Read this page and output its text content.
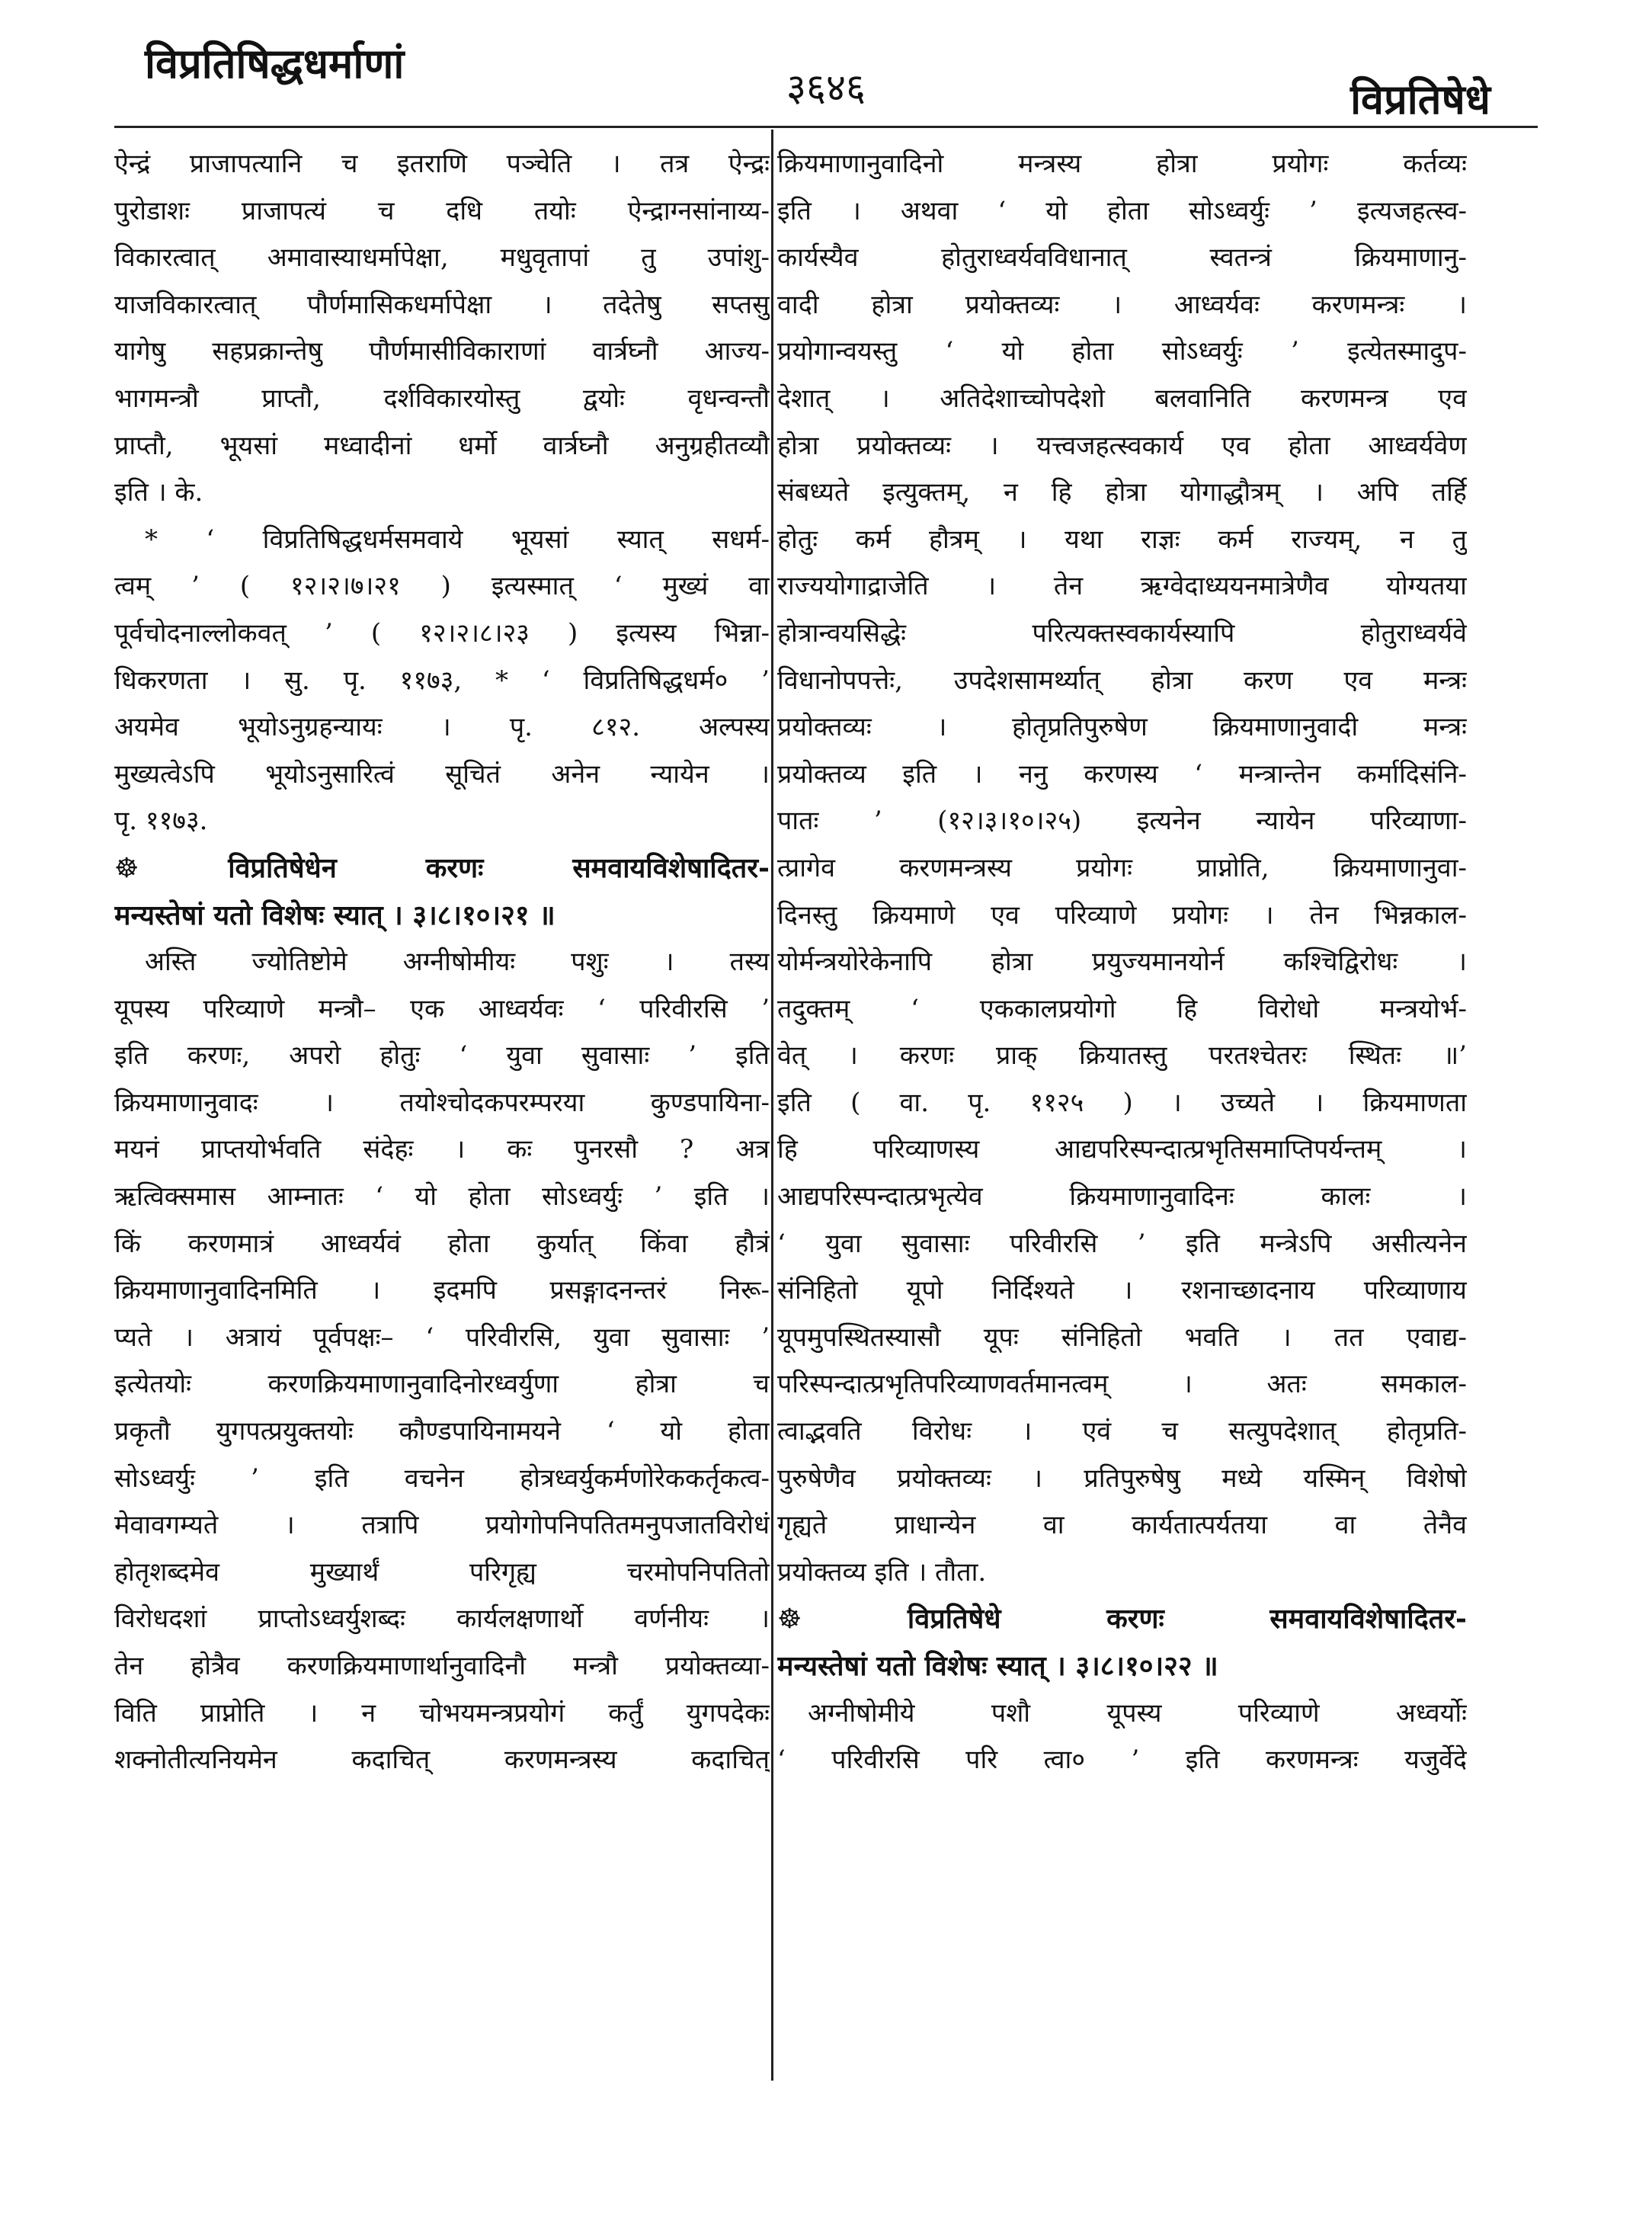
विप्रतिषिद्धधर्माणां	३६४६	विप्रतिषेधे
ऐन्द्रं प्राजापत्यानि च इतराणि पञ्चेति । तत्र ऐन्द्रः
पुरोडाशः प्राजापत्यं च दधि तयोः ऐन्द्राग्नसांनाय्य-
विकारत्वात् अमावास्याधर्मापेक्षा, मधुवृतापां तु उपांशु-
याजविकारत्वात् पौर्णमासिकधर्मापेक्षा । तदेतेषु सप्तसु
यागेषु सहप्रक्रान्तेषु पौर्णमासीविकाराणां वार्त्रघ्नौ आज्य-
भागमन्त्रौ प्राप्तौ, दर्शविकारयोस्तु द्वयोः वृधन्वन्तौ
प्राप्तौ, भूयसां मध्वादीनां धर्मो वार्त्रघ्नौ अनुग्रहीतव्यौ
इति । के.
* ‘ विप्रतिषिद्धधर्मसमवाये भूयसां स्यात् सधर्म-
त्वम् ’ ( १२।२।७।२१ ) इत्यस्मात् ‘ मुख्यं वा
पूर्वचोदनाल्लोकवत् ’ ( १२।२।८।२३ ) इत्यस्य भिन्ना-
धिकरणता । सु. पृ. ११७३, * ‘ विप्रतिषिद्धधर्म० ’
अयमेव भूयोऽनुग्रहन्यायः । पृ. ८१२. अल्पस्य
मुख्यत्वेऽपि भूयोऽनुसारित्वं सूचितं अनेन न्यायेन ।
पृ. ११७३.
☸ विप्रतिषेधेन करणः समवायविशेषादितर-
मन्यस्तेषां यतो विशेषः स्यात् । ३।८।१०।२१ ॥
अस्ति ज्योतिष्टोमे अग्नीषोमीयः पशुः । तस्य
यूपस्य परिव्याणे मन्त्रौ– एक आध्वर्यवः ‘ परिवीरसि ’
इति करणः, अपरो होतुः ‘ युवा सुवासाः ’ इति
क्रियमाणानुवादः । तयोश्चोदकपरम्परया कुण्डपायिना-
मयनं प्राप्तयोर्भवति संदेहः । कः पुनरसौ ? अत्र
ऋत्विक्समास आम्नातः ‘ यो होता सोऽध्वर्युः ’ इति ।
किं करणमात्रं आध्वर्यवं होता कुर्यात् किंवा हौत्रं
क्रियमाणानुवादिनमिति । इदमपि प्रसङ्गादनन्तरं निरू-
प्यते । अत्रायं पूर्वपक्षः– ‘ परिवीरसि, युवा सुवासाः ’
इत्येतयोः करणक्रियमाणानुवादिनोरध्वर्युणा होत्रा च
प्रकृतौ युगपत्प्रयुक्तयोः कौण्डपायिनामयने ‘ यो होता
सोऽध्वर्युः ’ इति वचनेन होत्रध्वर्युकर्मणोरेककर्तृकत्व-
मेवावगम्यते । तत्रापि प्रयोगोपनिपतितमनुपजातविरोधं
होतृशब्दमेव मुख्यार्थं परिगृह्य चरमोपनिपतितो
विरोधदशां प्राप्तोऽध्वर्युशब्दः कार्यलक्षणार्थो वर्णनीयः ।
तेन होत्रैव करणक्रियमाणार्थानुवादिनौ मन्त्रौ प्रयोक्तव्या-
विति प्राप्नोति । न चोभयमन्त्रप्रयोगं कर्तुं युगपदेकः
शक्नोतीत्यनियमेन कदाचित् करणमन्त्रस्य कदाचित्
क्रियमाणानुवादिनो मन्त्रस्य होत्रा प्रयोगः कर्तव्यः
इति । अथवा ‘ यो होता सोऽध्वर्युः ’ इत्यजहत्स्व-
कार्यस्यैव होतुराध्वर्यवविधानात् स्वतन्त्रं क्रियमाणानु-
वादी होत्रा प्रयोक्तव्यः । आध्वर्यवः करणमन्त्रः ।
प्रयोगान्वयस्तु ‘ यो होता सोऽध्वर्युः ’ इत्येतस्मादुप-
देशात् । अतिदेशाच्चोपदेशो बलवानिति करणमन्त्र एव
होत्रा प्रयोक्तव्यः । यत्त्वजहत्स्वकार्य एव होता आध्वर्यवेण
संबध्यते इत्युक्तम्, न हि होत्रा योगाद्धौत्रम् । अपि तर्हि
होतुः कर्म हौत्रम् । यथा राज्ञः कर्म राज्यम्, न तु
राज्ययोगाद्राजेति । तेन ऋग्वेदाध्ययनमात्रेणैव योग्यतया
होत्रान्वयसिद्धेः परित्यक्तस्वकार्यस्यापि होतुराध्वर्यवे
विधानोपपत्तेः, उपदेशसामर्थ्यात् होत्रा करण एव मन्त्रः
प्रयोक्तव्यः । होतृप्रतिपुरुषेण क्रियमाणानुवादी मन्त्रः
प्रयोक्तव्य इति । ननु करणस्य ‘ मन्त्रान्तेन कर्मादिसंनि-
पातः ’ (१२।३।१०।२५) इत्यनेन न्यायेन परिव्याणा-
त्प्रागेव करणमन्त्रस्य प्रयोगः प्राप्नोति, क्रियमाणानुवा-
दिनस्तु क्रियमाणे एव परिव्याणे प्रयोगः । तेन भिन्नकाल-
योर्मन्त्रयोरेकेनापि होत्रा प्रयुज्यमानयोर्न कश्चिद्विरोधः ।
तदुक्तम् ‘ एककालप्रयोगो हि विरोधो मन्त्रयोर्भ-
वेत् । करणः प्राक् क्रियातस्तु परतश्चेतरः स्थितः ॥’
इति ( वा. पृ. ११२५ ) । उच्यते । क्रियमाणता
हि परिव्याणस्य आद्यपरिस्पन्दात्प्रभृतिसमाप्तिपर्यन्तम् ।
आद्यपरिस्पन्दात्प्रभृत्येव क्रियमाणानुवादिनः कालः ।
‘ युवा सुवासाः परिवीरसि ’ इति मन्त्रेऽपि असीत्यनेन
संनिहितो यूपो निर्दिश्यते । रशनाच्छादनाय परिव्याणाय
यूपमुपस्थितस्यासौ यूपः संनिहितो भवति । तत एवाद्य-
परिस्पन्दात्प्रभृतिपरिव्याणवर्तमानत्वम् । अतः समकाल-
त्वाद्भवति विरोधः । एवं च सत्युपदेशात् होतृप्रति-
पुरुषेणैव प्रयोक्तव्यः । प्रतिपुरुषेषु मध्ये यस्मिन् विशेषो
गृह्यते प्राधान्येन वा कार्यतात्पर्यतया वा तेनैव
प्रयोक्तव्य इति । तौता.
☸ विप्रतिषेधे करणः समवायविशेषादितर-
मन्यस्तेषां यतो विशेषः स्यात् । ३।८।१०।२२ ॥
अग्नीषोमीये पशौ यूपस्य परिव्याणे अध्वर्योः
‘ परिवीरसि परि त्वा० ’ इति करणमन्त्रः यजुर्वेदे
